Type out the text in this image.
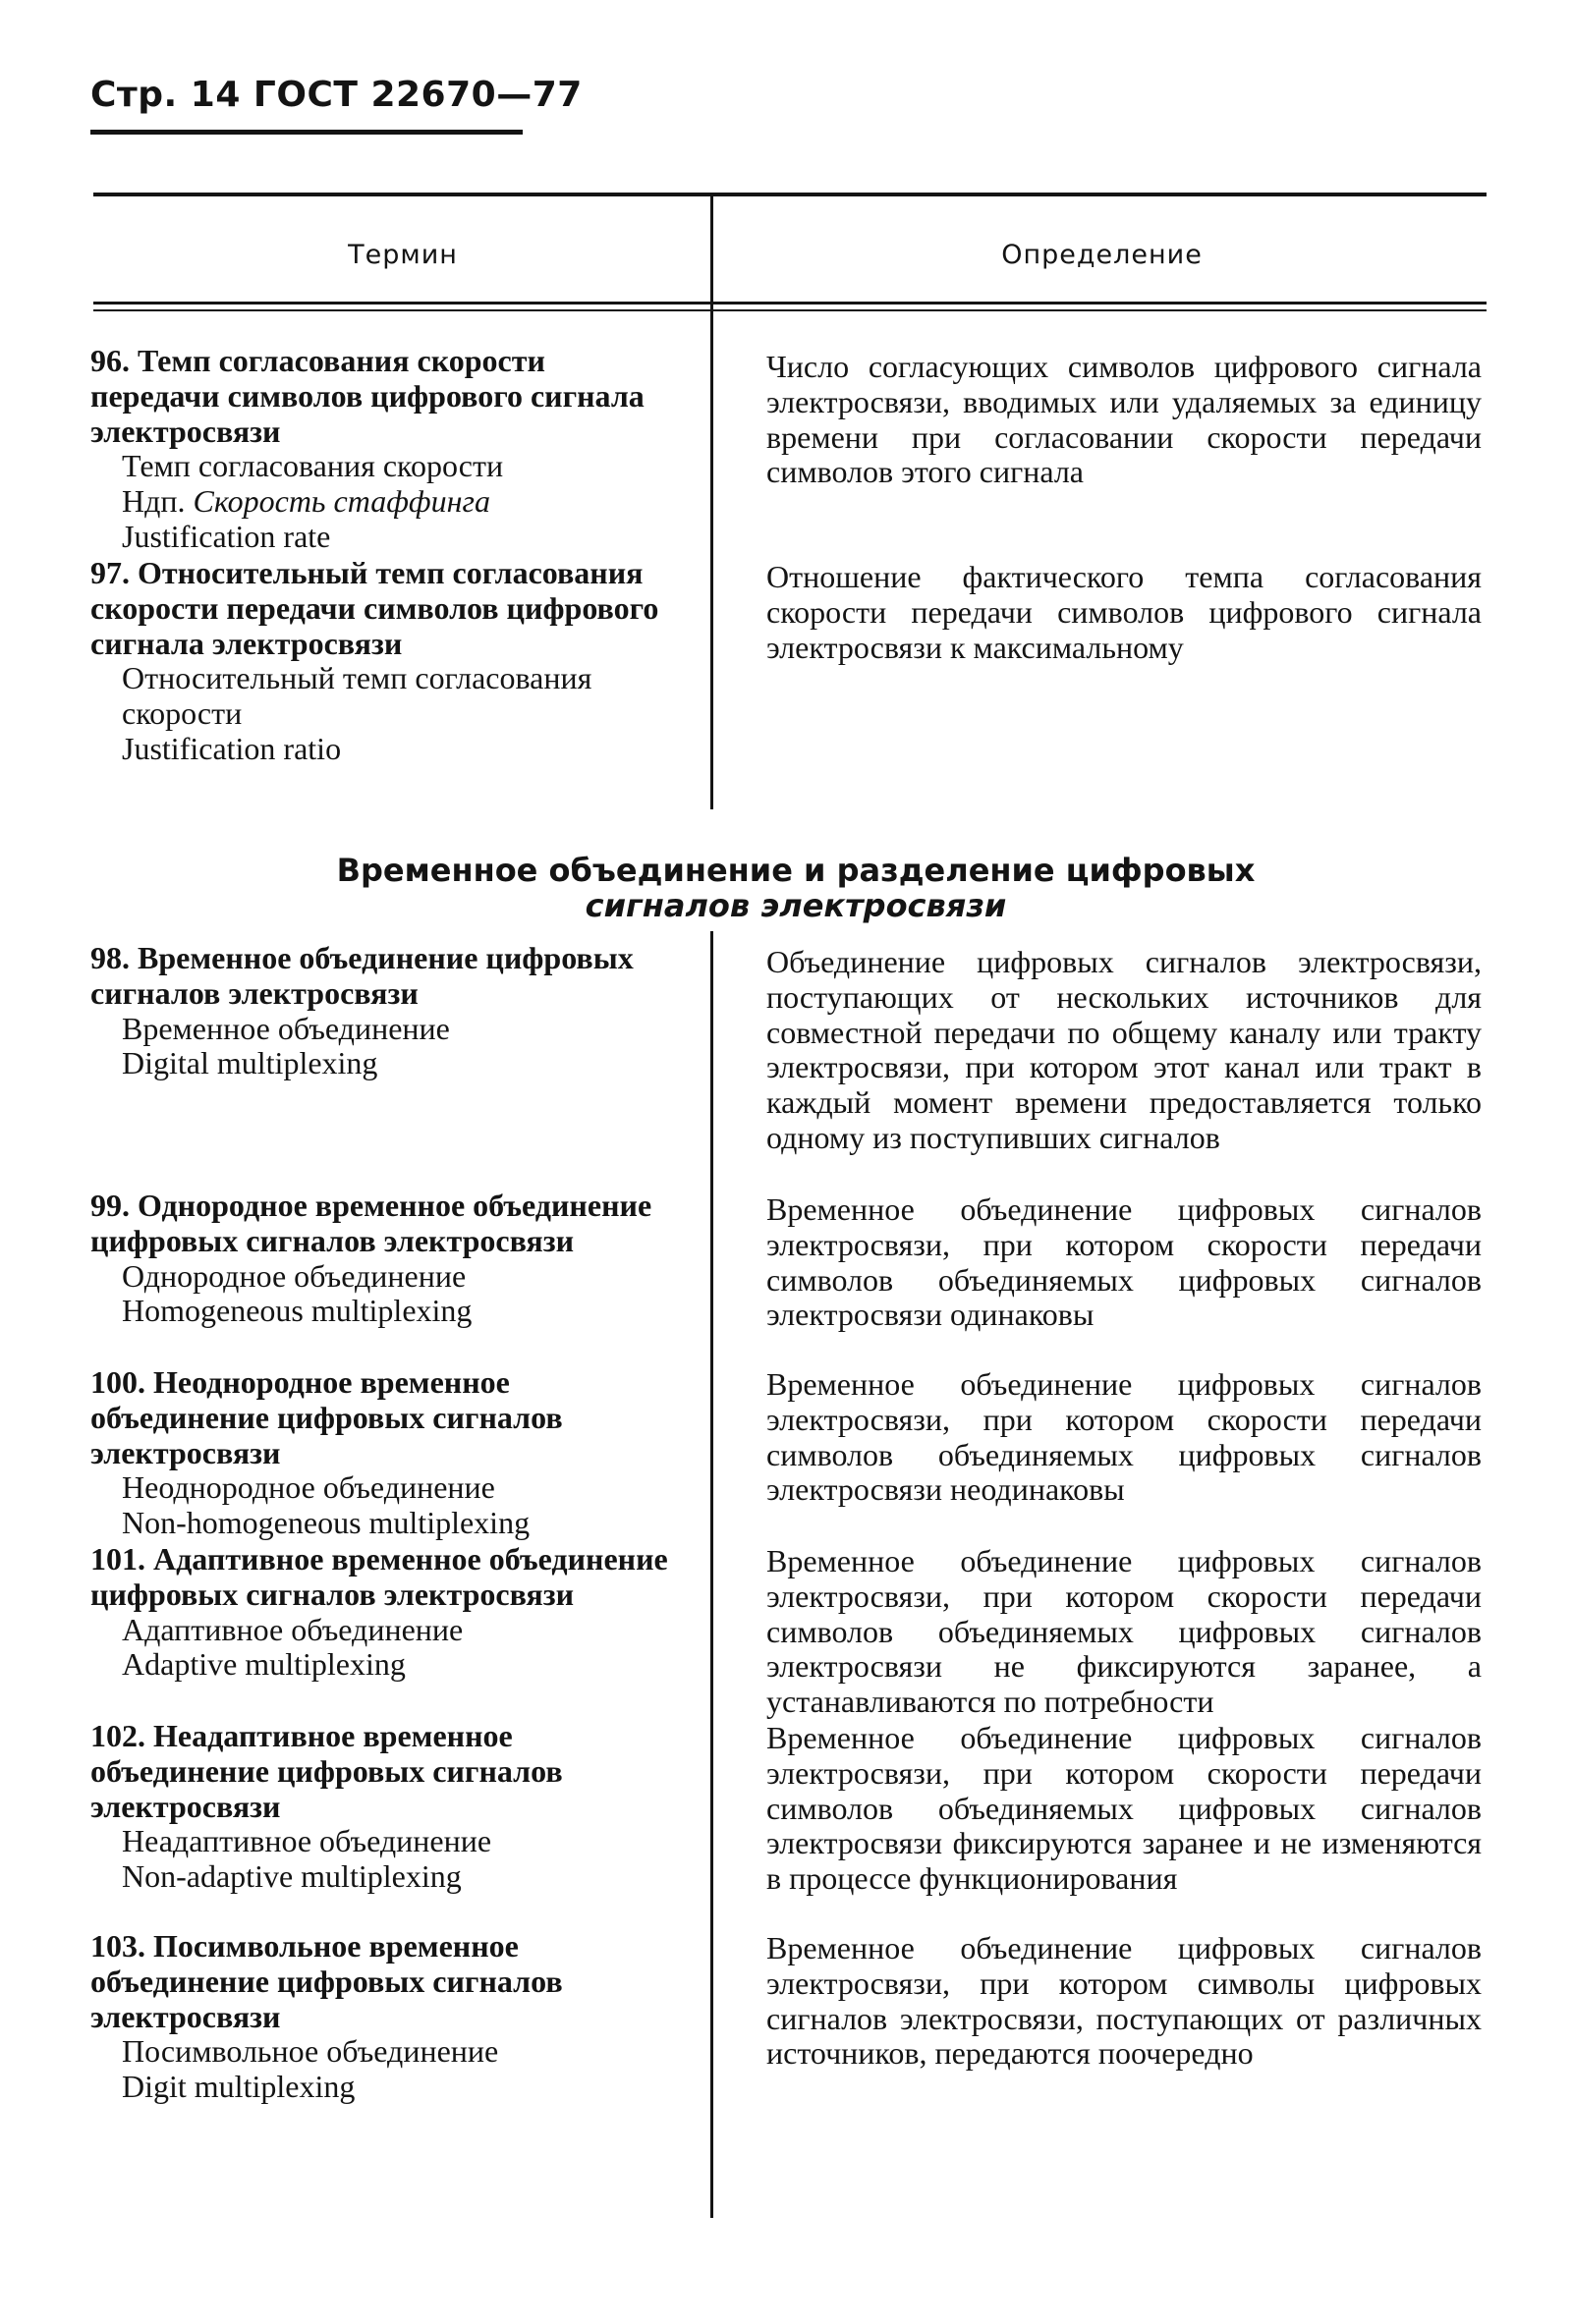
Стр. 14 ГОСТ 22670—77
Термин	Определение
96. Темп согласования скорости передачи символов цифрового сигнала электросвязи
Темп согласования скорости
Ндп. Скорость стаффинга
Justification rate
Число согласующих символов цифрового сигнала электросвязи, вводимых или удаляемых за единицу времени при согласовании скорости передачи символов этого сигнала
97. Относительный темп согласования скорости передачи символов цифрового сигнала электросвязи
Относительный темп согласования скорости
Justification ratio
Отношение фактического темпа согласования скорости передачи символов цифрового сигнала электросвязи к максимальному
Временное объединение и разделение цифровых
сигналов электросвязи
98. Временное объединение цифровых сигналов электросвязи
Временное объединение
Digital multiplexing
Объединение цифровых сигналов электросвязи, поступающих от нескольких источников для совместной передачи по общему каналу или тракту электросвязи, при котором этот канал или тракт в каждый момент времени предоставляется только одному из поступивших сигналов
99. Однородное временное объединение цифровых сигналов электросвязи
Однородное объединение
Homogeneous multiplexing
Временное объединение цифровых сигналов электросвязи, при котором скорости передачи символов объединяемых цифровых сигналов электросвязи одинаковы
100. Неоднородное временное объединение цифровых сигналов электросвязи
Неоднородное объединение
Non-homogeneous multiplexing
Временное объединение цифровых сигналов электросвязи, при котором скорости передачи символов объединяемых цифровых сигналов электросвязи неодинаковы
101. Адаптивное временное объединение цифровых сигналов электросвязи
Адаптивное объединение
Adaptive multiplexing
Временное объединение цифровых сигналов электросвязи, при котором скорости передачи символов объединяемых цифровых сигналов электросвязи не фиксируются заранее, а устанавливаются по потребности
102. Неадаптивное временное объединение цифровых сигналов электросвязи
Неадаптивное объединение
Non-adaptive multiplexing
Временное объединение цифровых сигналов электросвязи, при котором скорости передачи символов объединяемых цифровых сигналов электросвязи фиксируются заранее и не изменяются в процессе функционирования
103. Посимвольное временное объединение цифровых сигналов электросвязи
Посимвольное объединение
Digit multiplexing
Временное объединение цифровых сигналов электросвязи, при котором символы цифровых сигналов электросвязи, поступающих от различных источников, передаются поочередно
